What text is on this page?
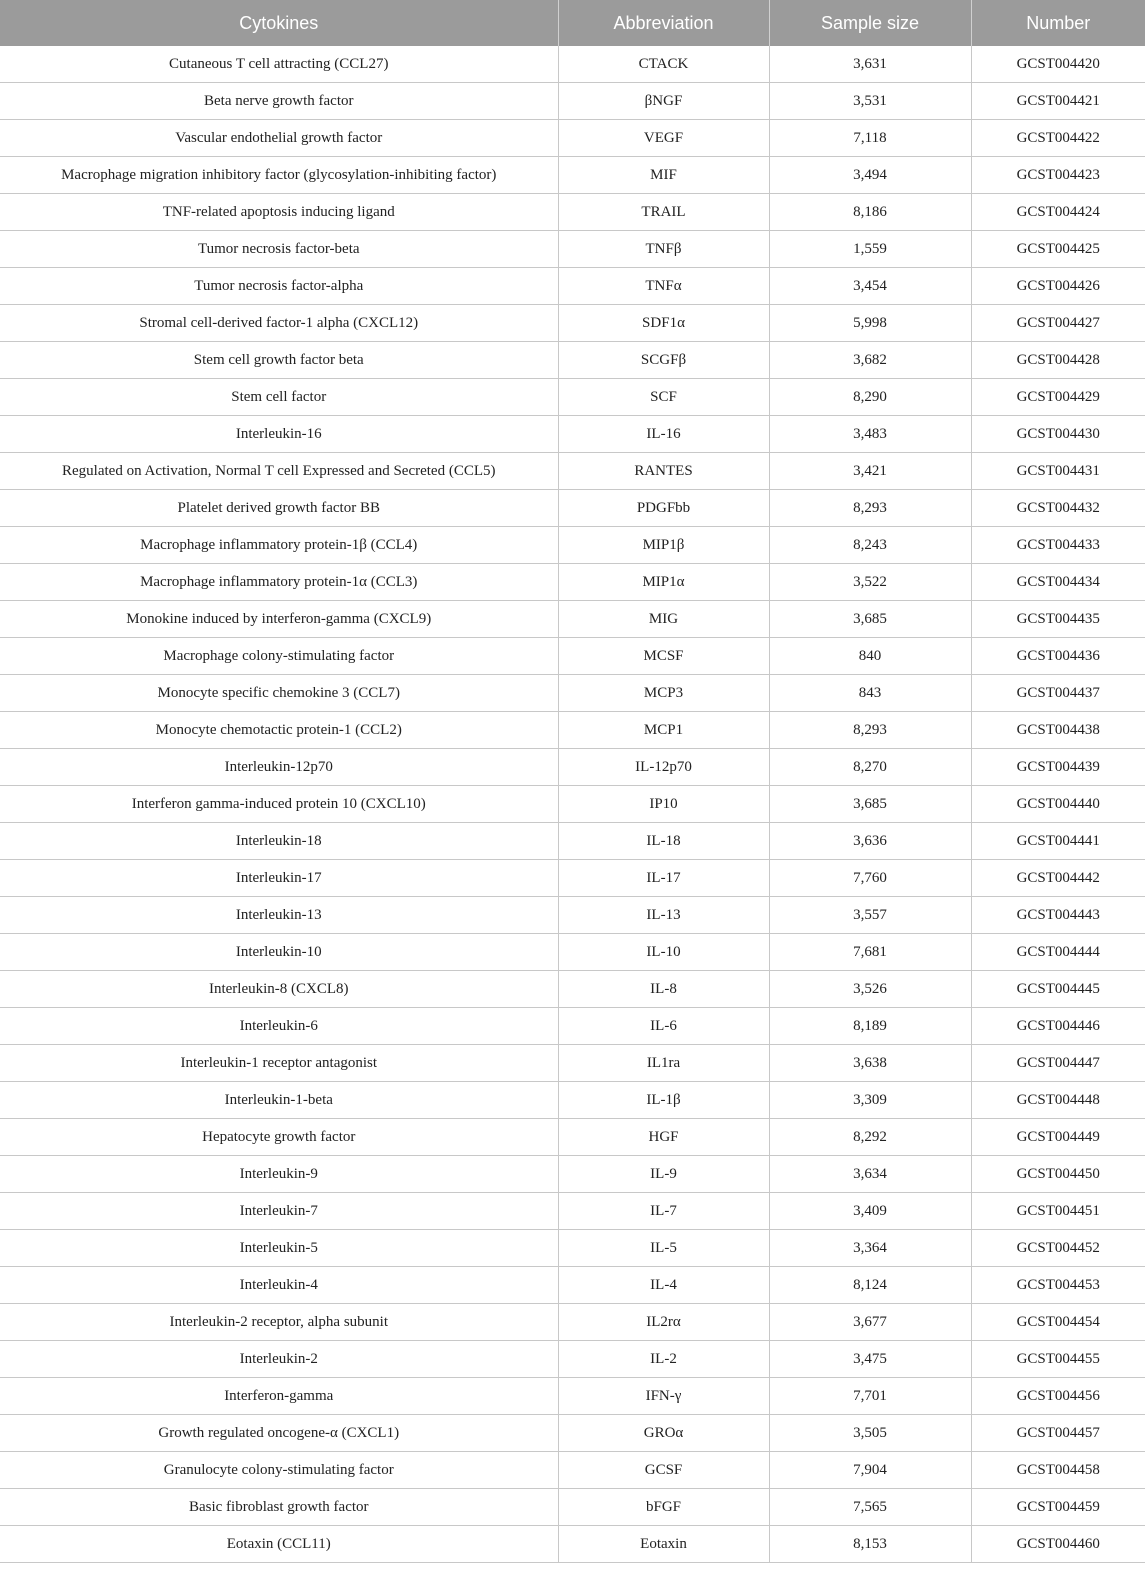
Cytokines	Abbreviation	Sample size	Number
Cutaneous T cell attracting (CCL27)	CTACK	3,631	GCST004420
Beta nerve growth factor	βNGF	3,531	GCST004421
Vascular endothelial growth factor	VEGF	7,118	GCST004422
Macrophage migration inhibitory factor (glycosylation-inhibiting factor)	MIF	3,494	GCST004423
TNF-related apoptosis inducing ligand	TRAIL	8,186	GCST004424
Tumor necrosis factor-beta	TNFβ	1,559	GCST004425
Tumor necrosis factor-alpha	TNFα	3,454	GCST004426
Stromal cell-derived factor-1 alpha (CXCL12)	SDF1α	5,998	GCST004427
Stem cell growth factor beta	SCGFβ	3,682	GCST004428
Stem cell factor	SCF	8,290	GCST004429
Interleukin-16	IL-16	3,483	GCST004430
Regulated on Activation, Normal T cell Expressed and Secreted (CCL5)	RANTES	3,421	GCST004431
Platelet derived growth factor BB	PDGFbb	8,293	GCST004432
Macrophage inflammatory protein-1β (CCL4)	MIP1β	8,243	GCST004433
Macrophage inflammatory protein-1α (CCL3)	MIP1α	3,522	GCST004434
Monokine induced by interferon-gamma (CXCL9)	MIG	3,685	GCST004435
Macrophage colony-stimulating factor	MCSF	840	GCST004436
Monocyte specific chemokine 3 (CCL7)	MCP3	843	GCST004437
Monocyte chemotactic protein-1 (CCL2)	MCP1	8,293	GCST004438
Interleukin-12p70	IL-12p70	8,270	GCST004439
Interferon gamma-induced protein 10 (CXCL10)	IP10	3,685	GCST004440
Interleukin-18	IL-18	3,636	GCST004441
Interleukin-17	IL-17	7,760	GCST004442
Interleukin-13	IL-13	3,557	GCST004443
Interleukin-10	IL-10	7,681	GCST004444
Interleukin-8 (CXCL8)	IL-8	3,526	GCST004445
Interleukin-6	IL-6	8,189	GCST004446
Interleukin-1 receptor antagonist	IL1ra	3,638	GCST004447
Interleukin-1-beta	IL-1β	3,309	GCST004448
Hepatocyte growth factor	HGF	8,292	GCST004449
Interleukin-9	IL-9	3,634	GCST004450
Interleukin-7	IL-7	3,409	GCST004451
Interleukin-5	IL-5	3,364	GCST004452
Interleukin-4	IL-4	8,124	GCST004453
Interleukin-2 receptor, alpha subunit	IL2rα	3,677	GCST004454
Interleukin-2	IL-2	3,475	GCST004455
Interferon-gamma	IFN-γ	7,701	GCST004456
Growth regulated oncogene-α (CXCL1)	GROα	3,505	GCST004457
Granulocyte colony-stimulating factor	GCSF	7,904	GCST004458
Basic fibroblast growth factor	bFGF	7,565	GCST004459
Eotaxin (CCL11)	Eotaxin	8,153	GCST004460
